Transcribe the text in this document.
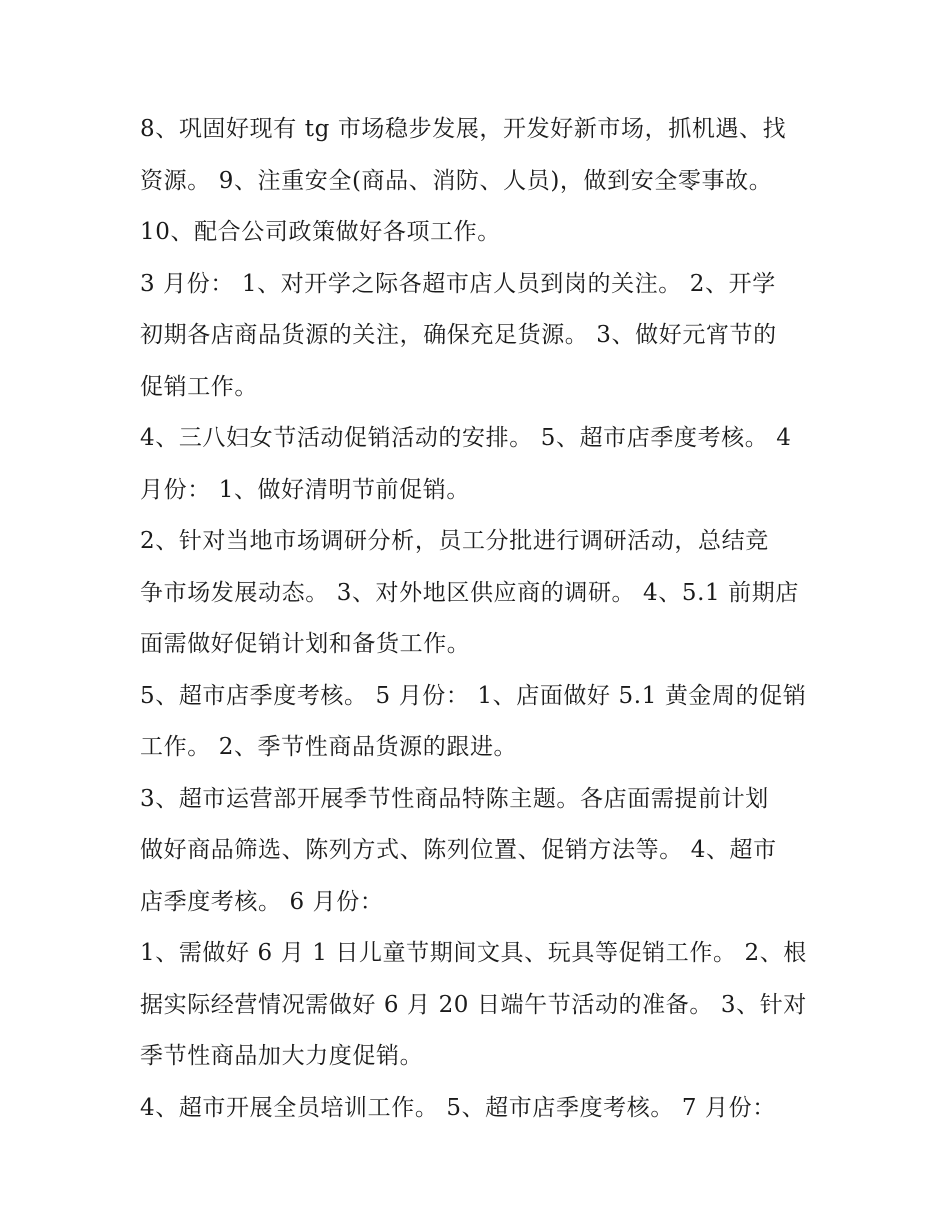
8、巩固好现有 tg 市场稳步发展，开发好新市场，抓机遇、找
资源。 9、注重安全(商品、消防、人员)，做到安全零事故。
10、配合公司政策做好各项工作。
3 月份： 1、对开学之际各超市店人员到岗的关注。 2、开学
初期各店商品货源的关注，确保充足货源。 3、做好元宵节的
促销工作。
4、三八妇女节活动促销活动的安排。 5、超市店季度考核。 4
月份： 1、做好清明节前促销。
2、针对当地市场调研分析，员工分批进行调研活动，总结竞
争市场发展动态。 3、对外地区供应商的调研。 4、5.1 前期店
面需做好促销计划和备货工作。
5、超市店季度考核。 5 月份： 1、店面做好 5.1 黄金周的促销
工作。 2、季节性商品货源的跟进。
3、超市运营部开展季节性商品特陈主题。各店面需提前计划
做好商品筛选、陈列方式、陈列位置、促销方法等。 4、超市
店季度考核。 6 月份：
1、需做好 6 月 1 日儿童节期间文具、玩具等促销工作。 2、根
据实际经营情况需做好 6 月 20 日端午节活动的准备。 3、针对
季节性商品加大力度促销。
4、超市开展全员培训工作。 5、超市店季度考核。 7 月份：
